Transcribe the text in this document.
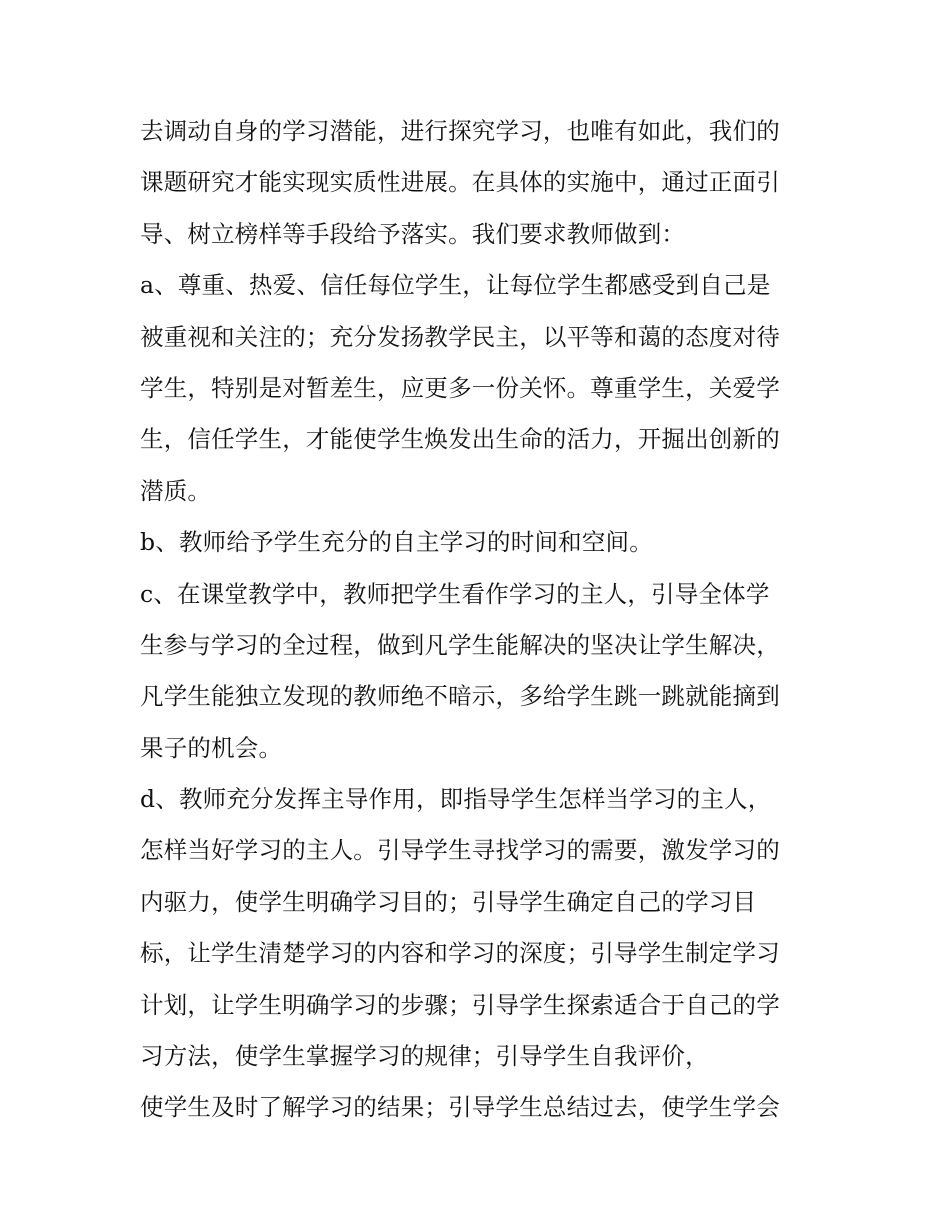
去调动自身的学习潜能，进行探究学习，也唯有如此，我们的
课题研究才能实现实质性进展。在具体的实施中，通过正面引
导、树立榜样等手段给予落实。我们要求教师做到：
a、尊重、热爱、信任每位学生，让每位学生都感受到自己是
被重视和关注的；充分发扬教学民主，以平等和蔼的态度对待
学生，特别是对暂差生，应更多一份关怀。尊重学生，关爱学
生，信任学生，才能使学生焕发出生命的活力，开掘出创新的
潜质。
b、教师给予学生充分的自主学习的时间和空间。
c、在课堂教学中，教师把学生看作学习的主人，引导全体学
生参与学习的全过程，做到凡学生能解决的坚决让学生解决，
凡学生能独立发现的教师绝不暗示，多给学生跳一跳就能摘到
果子的机会。
d、教师充分发挥主导作用，即指导学生怎样当学习的主人，
怎样当好学习的主人。引导学生寻找学习的需要，激发学习的
内驱力，使学生明确学习目的；引导学生确定自己的学习目
标，让学生清楚学习的内容和学习的深度；引导学生制定学习
计划，让学生明确学习的步骤；引导学生探索适合于自己的学
习方法，使学生掌握学习的规律；引导学生自我评价，
使学生及时了解学习的结果；引导学生总结过去，使学生学会
